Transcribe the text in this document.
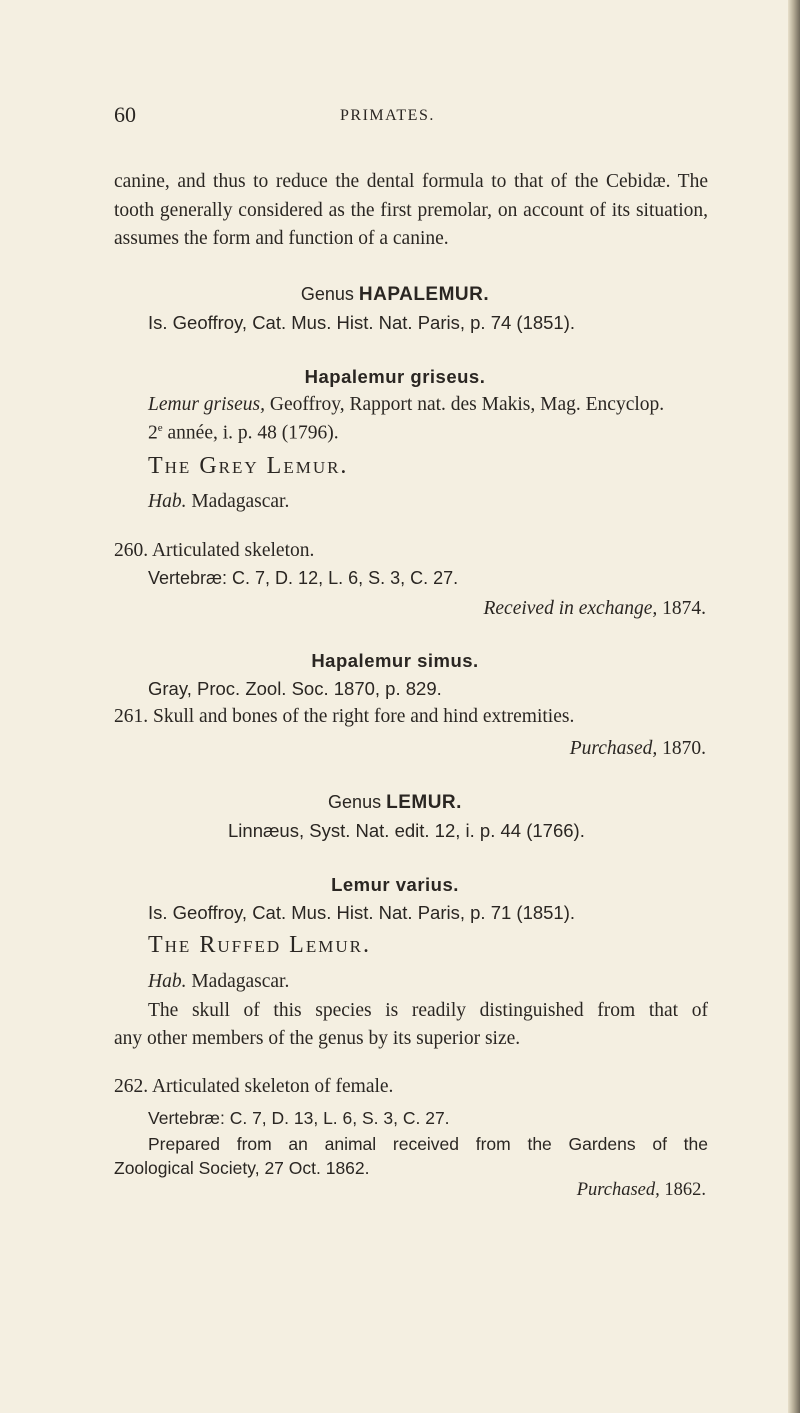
60	PRIMATES.
canine, and thus to reduce the dental formula to that of the Cebidæ. The tooth generally considered as the first premolar, on account of its situation, assumes the form and function of a canine.
Genus HAPALEMUR.
Is. Geoffroy, Cat. Mus. Hist. Nat. Paris, p. 74 (1851).
Hapalemur griseus.
Lemur griseus, Geoffroy, Rapport nat. des Makis, Mag. Encyclop.
2e année, i. p. 48 (1796).
The Grey Lemur.
Hab. Madagascar.
260. Articulated skeleton.
Vertebræ: C. 7, D. 12, L. 6, S. 3, C. 27.
Received in exchange, 1874.
Hapalemur simus.
Gray, Proc. Zool. Soc. 1870, p. 829.
261. Skull and bones of the right fore and hind extremities.
Purchased, 1870.
Genus LEMUR.
Linnæus, Syst. Nat. edit. 12, i. p. 44 (1766).
Lemur varius.
Is. Geoffroy, Cat. Mus. Hist. Nat. Paris, p. 71 (1851).
The Ruffed Lemur.
Hab. Madagascar.
The skull of this species is readily distinguished from that of
any other members of the genus by its superior size.
262. Articulated skeleton of female.
Vertebræ: C. 7, D. 13, L. 6, S. 3, C. 27.
Prepared from an animal received from the Gardens of the
Zoological Society, 27 Oct. 1862.
Purchased, 1862.
